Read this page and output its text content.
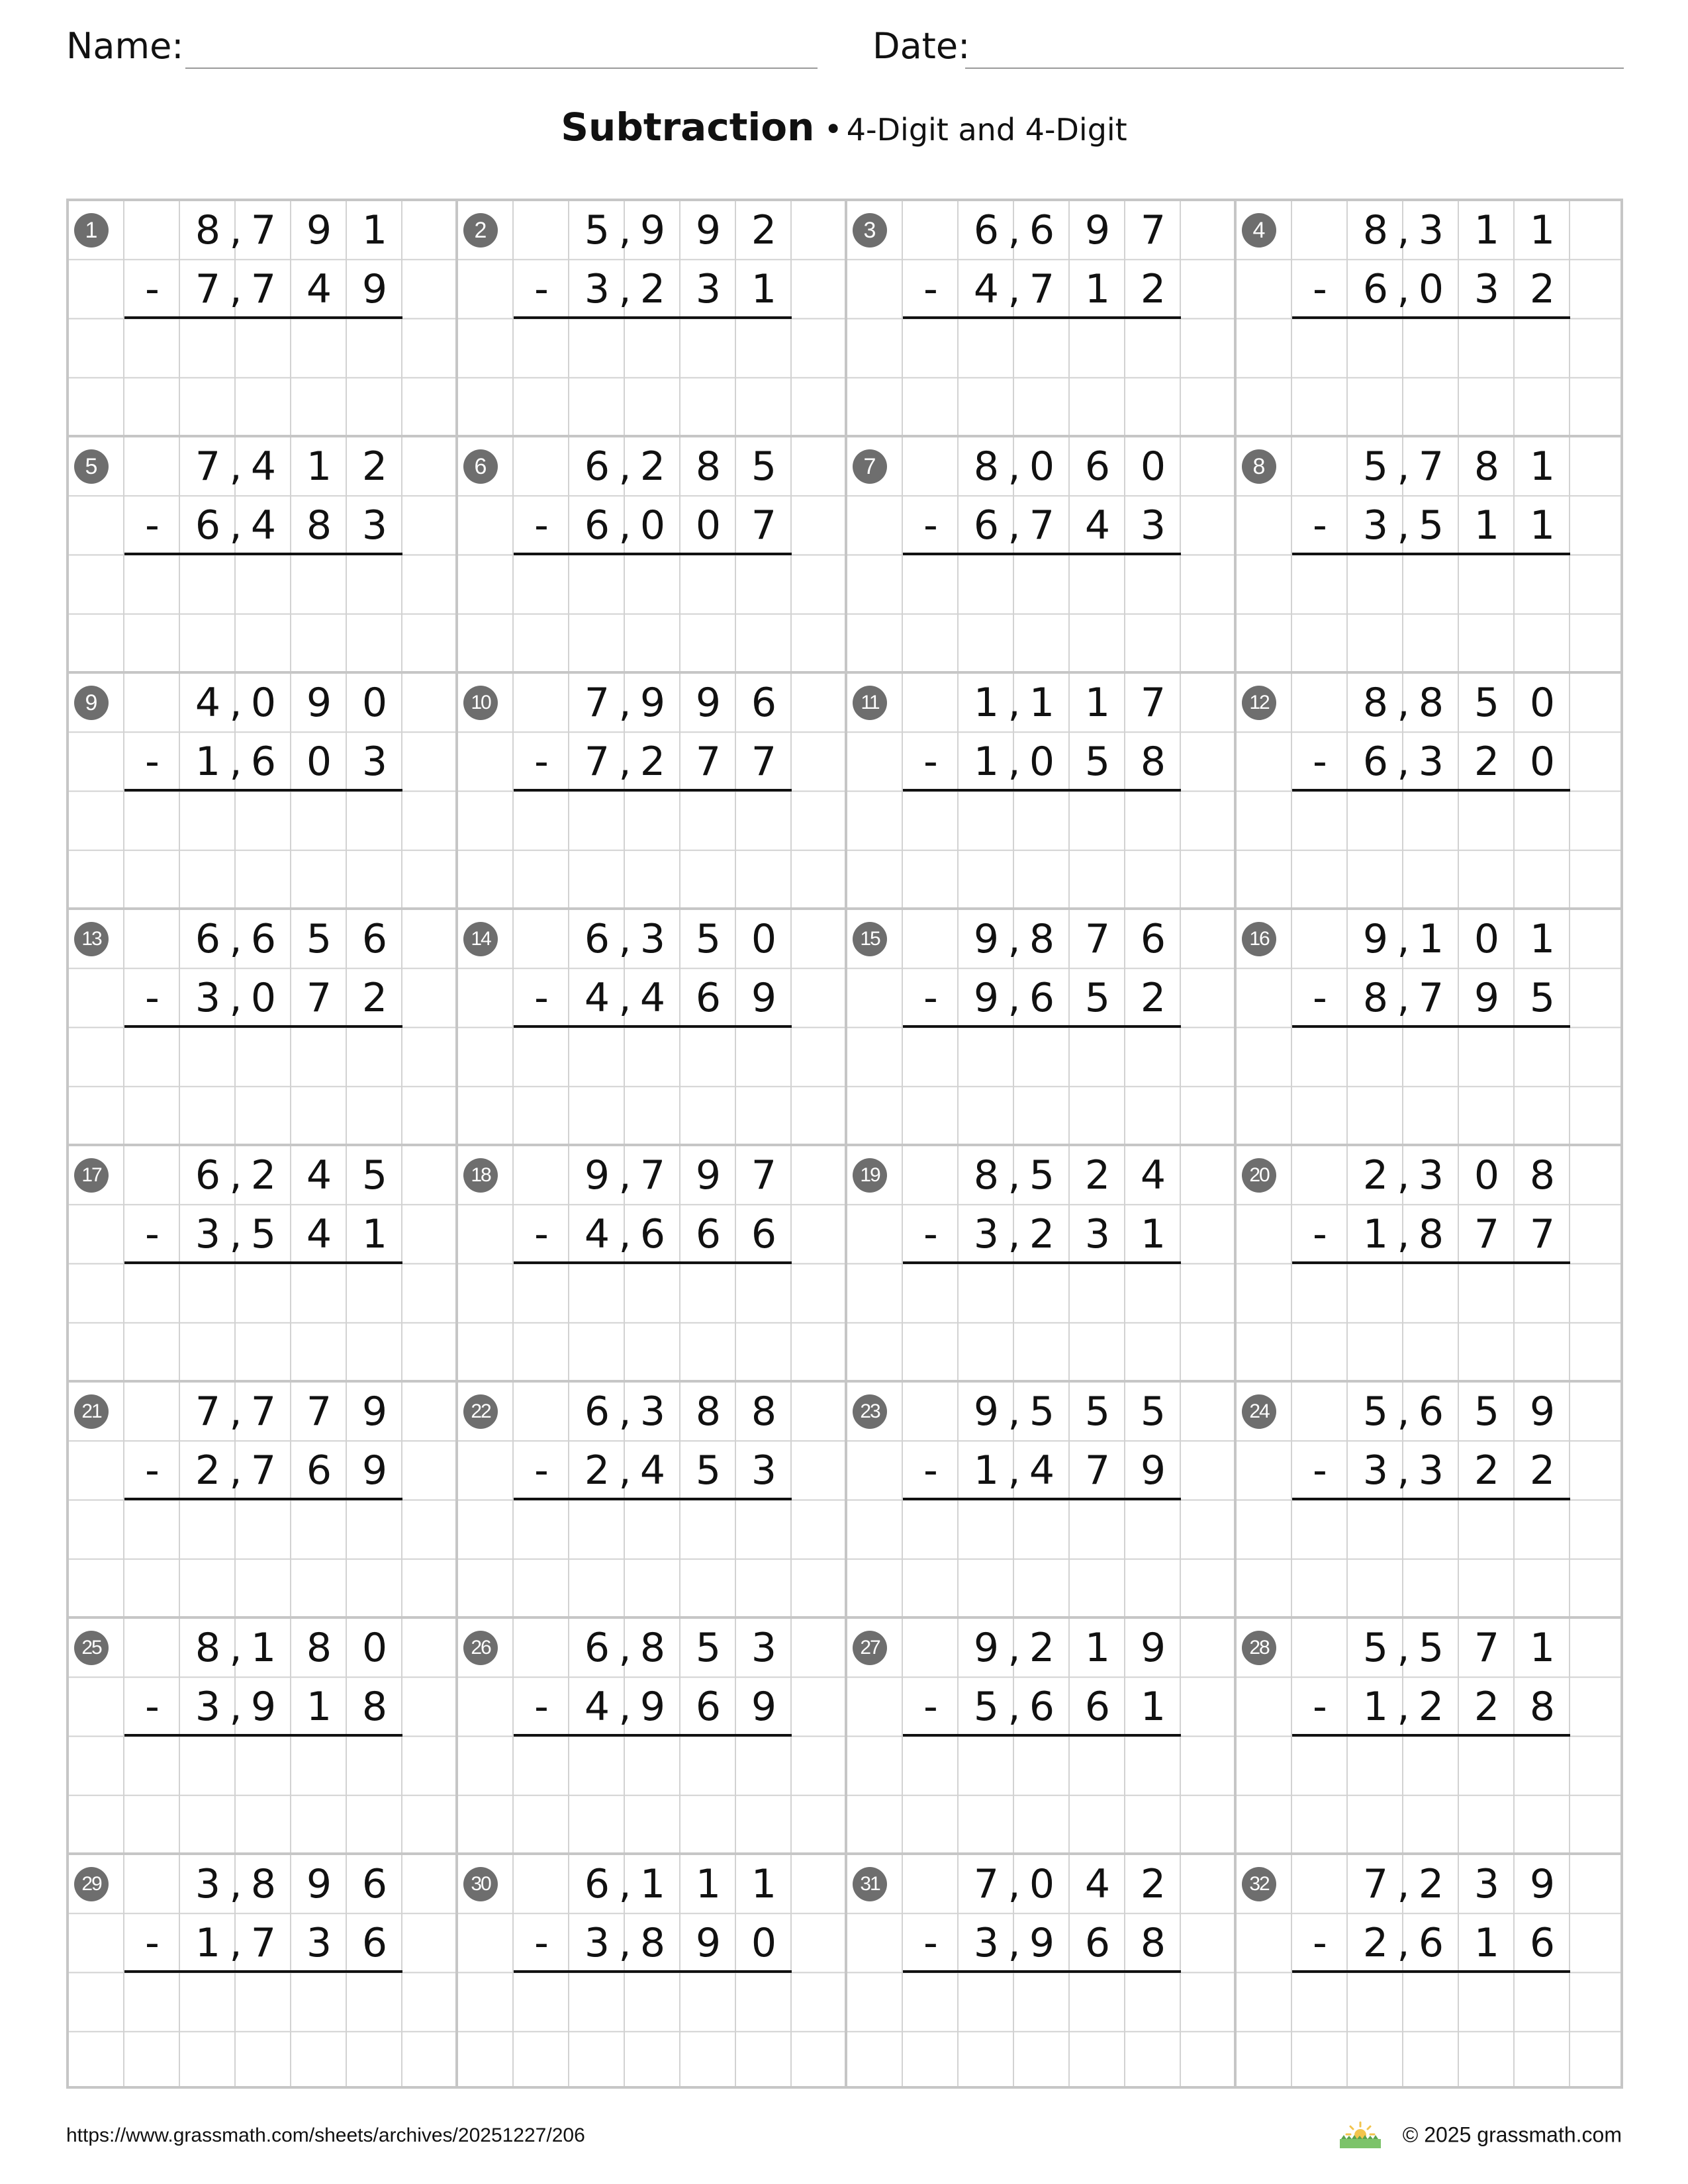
Name:	Date:
Subtraction • 4-Digit and 4-Digit
1	8 7 9 1
,
7 7 4 9
,
-
2	5 9 9 2
,
3 2 3 1
,
-
3	6 6 9 7
,
4 7 1 2
,
-
4	8 3 1 1
,
6 0 3 2
,
-
5	7 4 1 2
,
6 4 8 3
,
-
6	6 2 8 5
,
6 0 0 7
,
-
7	8 0 6 0
,
6 7 4 3
,
-
8	5 7 8 1
,
3 5 1 1
,
-
9	4 0 9 0
,
1 6 0 3
,
-
10	7 9 9 6
,
7 2 7 7
,
-
11	1 1 1 7
,
1 0 5 8
,
-
12	8 8 5 0
,
6 3 2 0
,
-
13	6 6 5 6
,
3 0 7 2
,
-
14	6 3 5 0
,
4 4 6 9
,
-
15	9 8 7 6
,
9 6 5 2
,
-
16	9 1 0 1
,
8 7 9 5
,
-
17	6 2 4 5
,
3 5 4 1
,
-
18	9 7 9 7
,
4 6 6 6
,
-
19	8 5 2 4
,
3 2 3 1
,
-
20	2 3 0 8
,
1 8 7 7
,
-
21	7 7 7 9
,
2 7 6 9
,
-
22	6 3 8 8
,
2 4 5 3
,
-
23	9 5 5 5
,
1 4 7 9
,
-
24	5 6 5 9
,
3 3 2 2
,
-
25	8 1 8 0
,
3 9 1 8
,
-
26	6 8 5 3
,
4 9 6 9
,
-
27	9 2 1 9
,
5 6 6 1
,
-
28	5 5 7 1
,
1 2 2 8
,
-
29	3 8 9 6
,
1 7 3 6
,
-
30	6 1 1 1
,
3 8 9 0
,
-
31	7 0 4 2
,
3 9 6 8
,
-
32	7 2 3 9
,
2 6 1 6
,
-
https://www.grassmath.com/sheets/archives/20251227/206	© 2025 grassmath.com
